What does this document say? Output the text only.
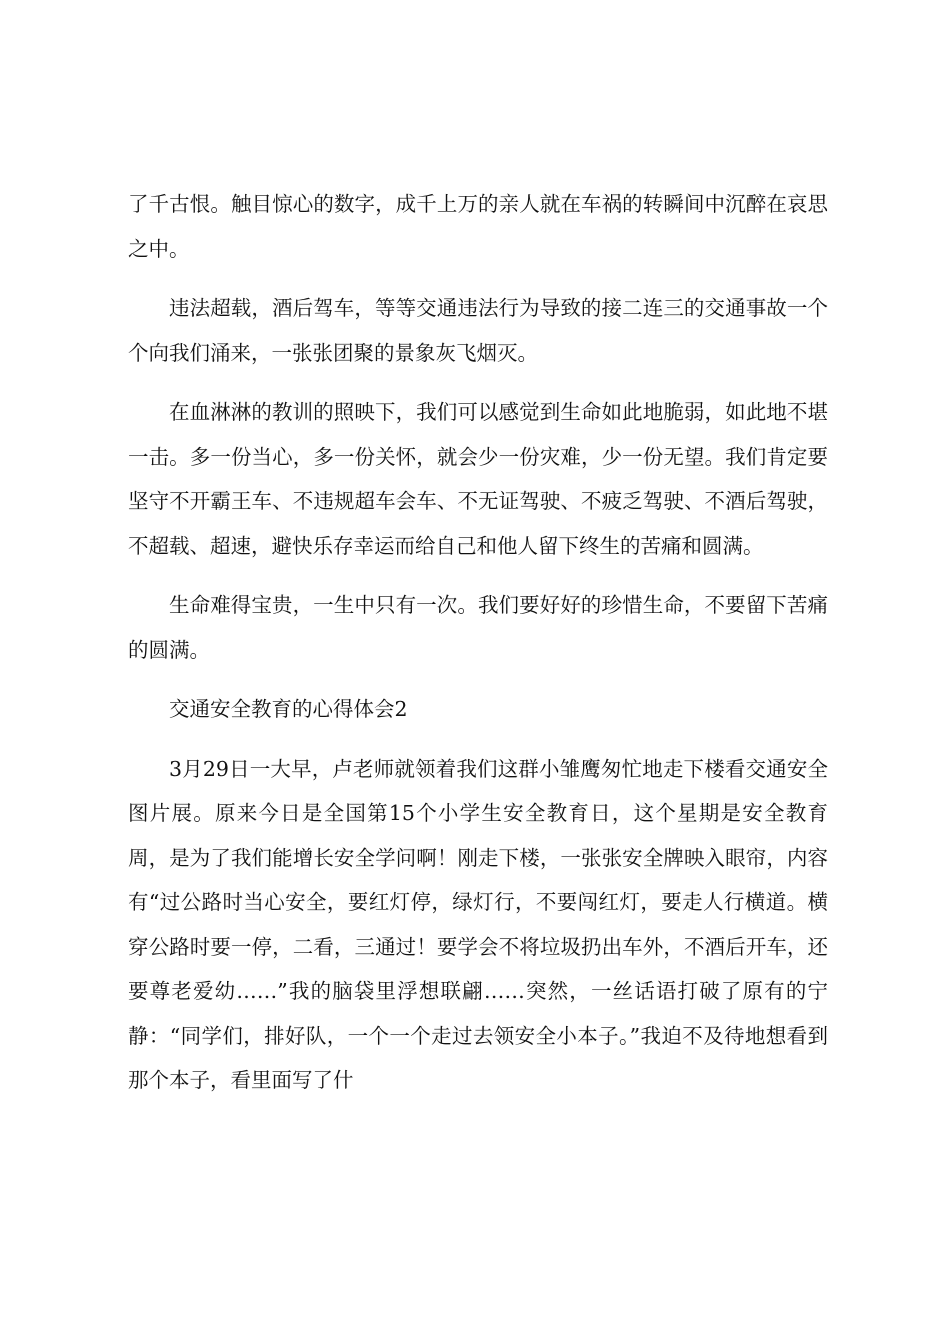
了千古恨。触目惊心的数字，成千上万的亲人就在车祸的转瞬间中沉醉在哀思之中。

违法超载，酒后驾车，等等交通违法行为导致的接二连三的交通事故一个个向我们涌来，一张张团聚的景象灰飞烟灭。

在血淋淋的教训的照映下，我们可以感觉到生命如此地脆弱，如此地不堪一击。多一份当心，多一份关怀，就会少一份灾难，少一份无望。我们肯定要坚守不开霸王车、不违规超车会车、不无证驾驶、不疲乏驾驶、不酒后驾驶，不超载、超速，避快乐存幸运而给自己和他人留下终生的苦痛和圆满。

生命难得宝贵，一生中只有一次。我们要好好的珍惜生命，不要留下苦痛的圆满。

交通安全教育的心得体会2

3月29日一大早，卢老师就领着我们这群小雏鹰匆忙地走下楼看交通安全图片展。原来今日是全国第15个小学生安全教育日，这个星期是安全教育周，是为了我们能增长安全学问啊！刚走下楼，一张张安全牌映入眼帘，内容有“过公路时当心安全，要红灯停，绿灯行，不要闯红灯，要走人行横道。横穿公路时要一停，二看，三通过！要学会不将垃圾扔出车外，不酒后开车，还要尊老爱幼……”我的脑袋里浮想联翩……突然，一丝话语打破了原有的宁静：“同学们，排好队，一个一个走过去领安全小本子。”我迫不及待地想看到那个本子，看里面写了什
